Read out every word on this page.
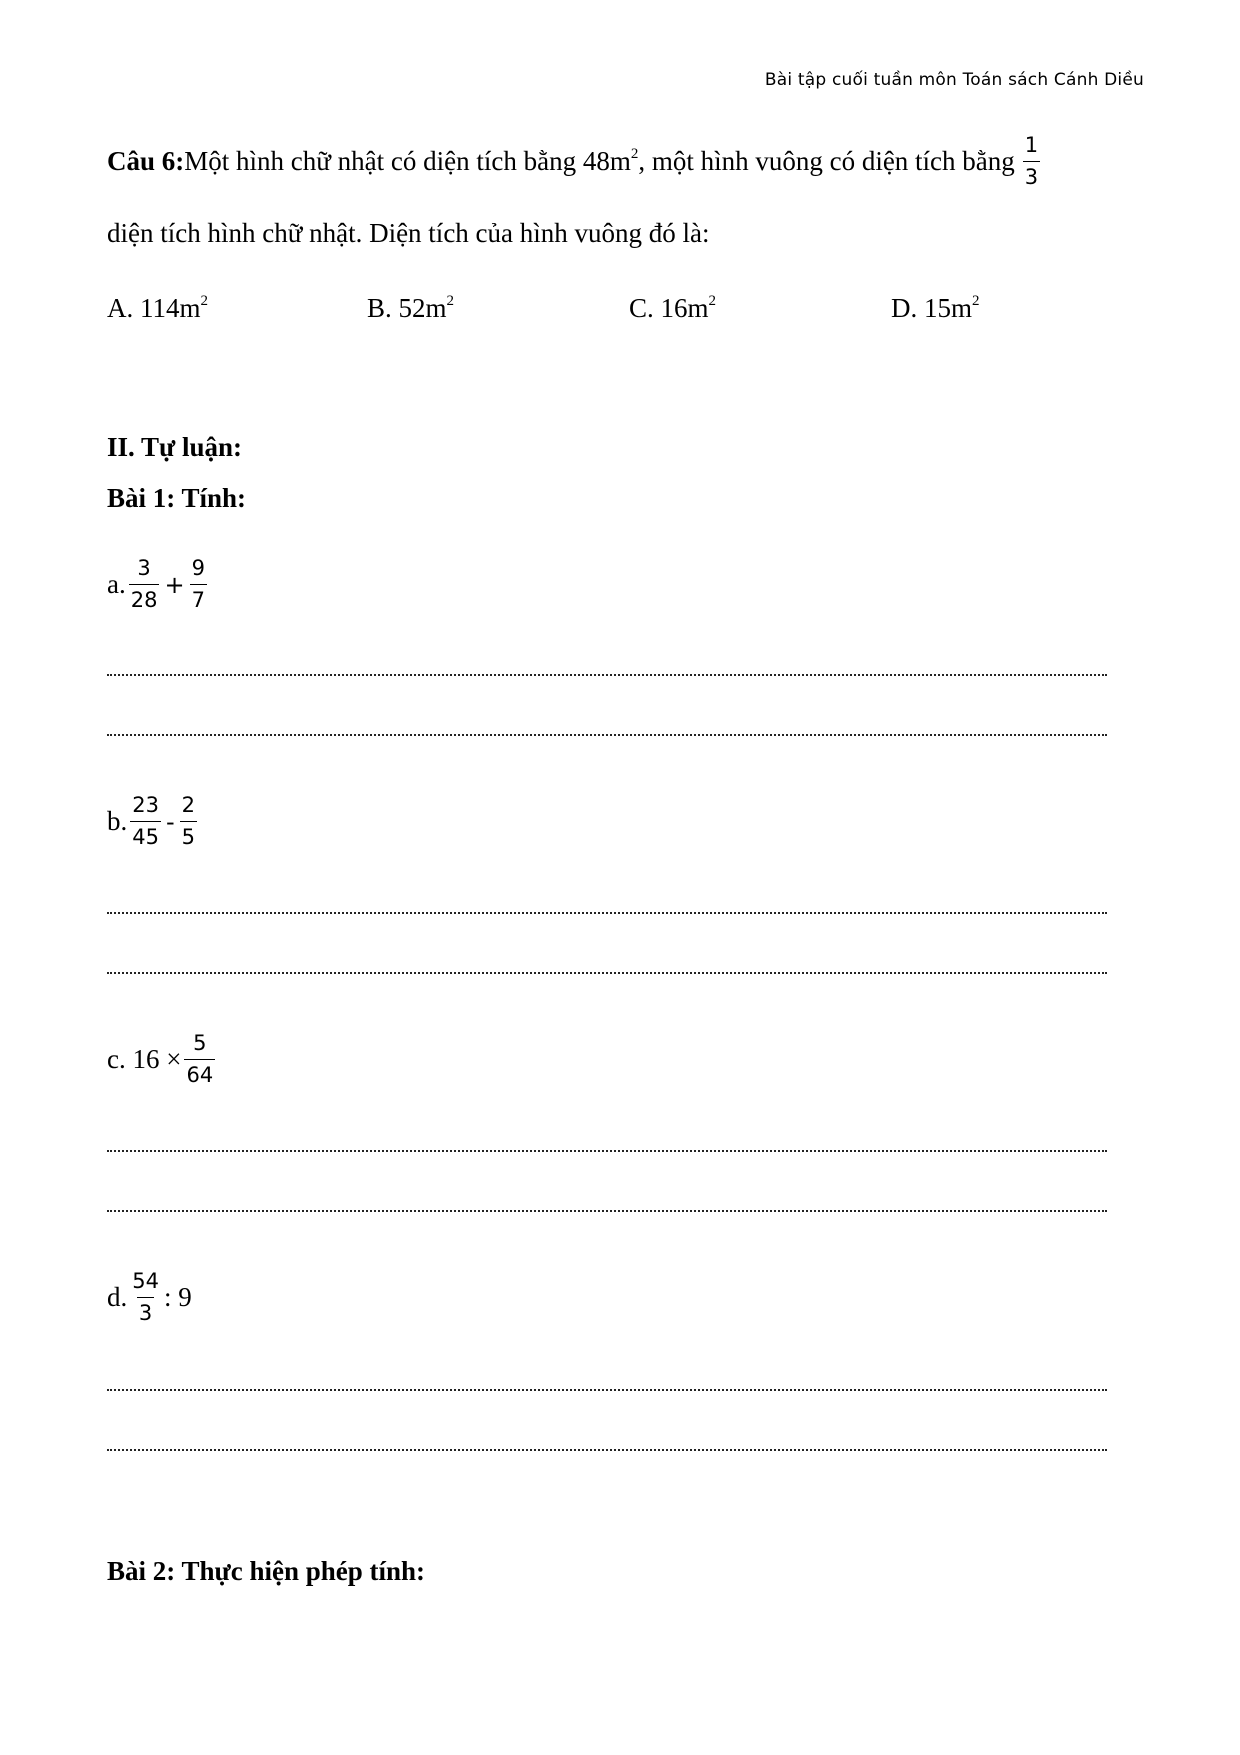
Bài tập cuối tuần môn Toán sách Cánh Diều
Câu 6: Một hình chữ nhật có diện tích bằng $48m^2$, một hình vuông có diện tích bằng $\frac{1}{3}$
diện tích hình chữ nhật. Diện tích của hình vuông đó là:
A. $114m^2$	B. $52m^2$	C. $16m^2$	D. $15m^2$
II. Tự luận:
Bài 1: Tính:
a. $\frac{3}{28} + \frac{9}{7}$
b. $\frac{23}{45} - \frac{2}{5}$
c. $16 \times \frac{5}{64}$
d. $\frac{54}{3}$ : 9
Bài 2: Thực hiện phép tính:
